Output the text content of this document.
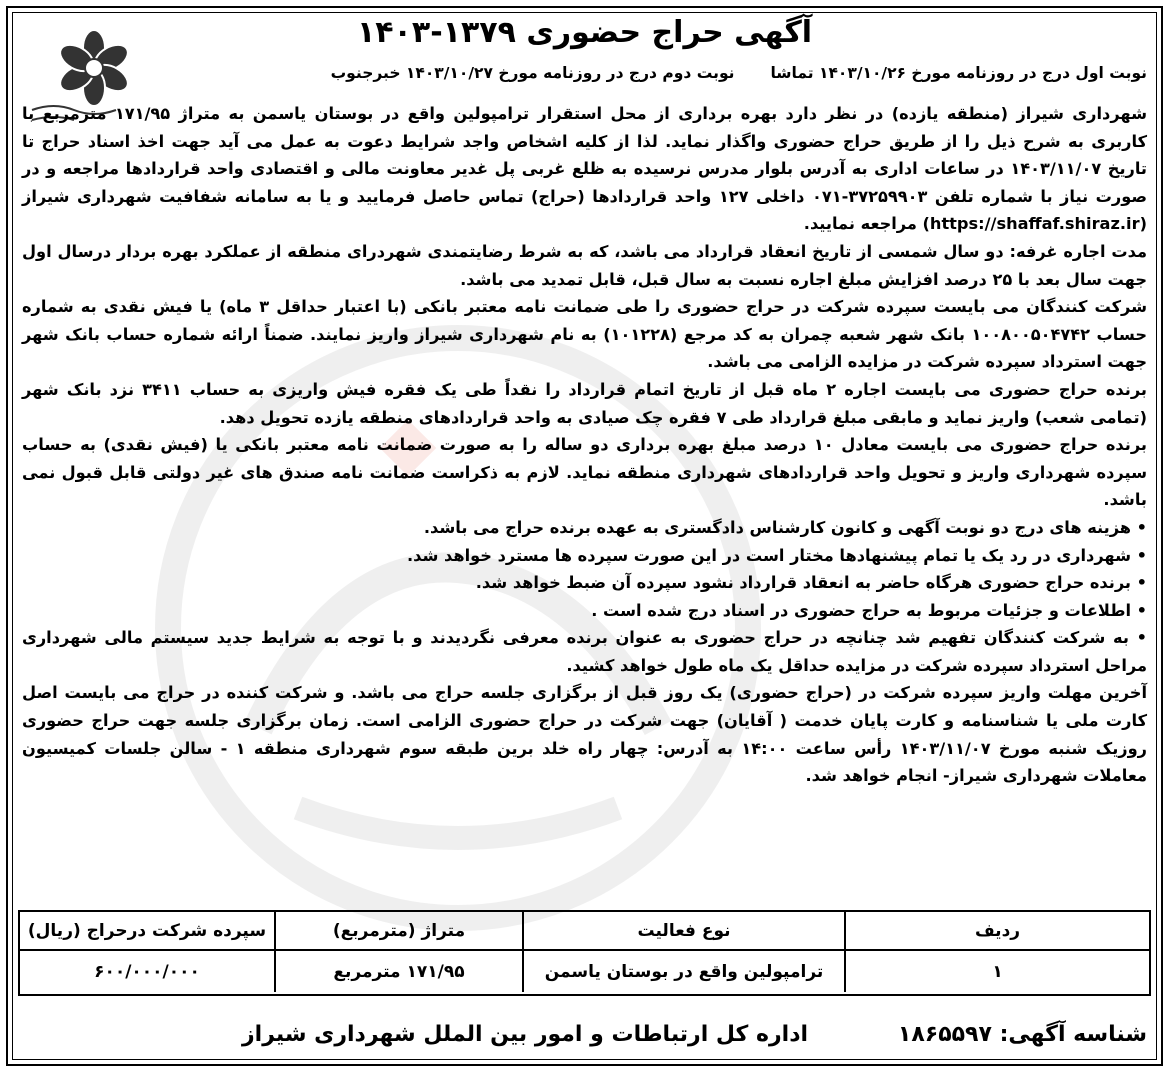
آگهی حراج حضوری ۱۳۷۹-۱۴۰۳
نوبت اول درج در روزنامه مورخ ۱۴۰۳/۱۰/۲۶ تماشا
نوبت دوم درج در روزنامه مورخ ۱۴۰۳/۱۰/۲۷ خبرجنوب

شهرداری شیراز (منطقه یازده) در نظر دارد بهره برداری از محل استقرار ترامپولین واقع در بوستان یاسمن به متراژ ۱۷۱/۹۵ مترمربع با کاربری به شرح ذیل را از طریق حراج حضوری واگذار نماید. لذا از کلیه اشخاص واجد شرایط دعوت به عمل می آید جهت اخذ اسناد حراج تا تاریخ ۱۴۰۳/۱۱/۰۷ در ساعات اداری به آدرس بلوار مدرس نرسیده به ظلع غربی پل غدیر معاونت مالی و اقتصادی واحد قراردادها مراجعه و در صورت نیاز با شماره تلفن ۳۷۲۵۹۹۰۳-۰۷۱ داخلی ۱۲۷ واحد قراردادها (حراج) تماس حاصل فرمایید و یا به سامانه شفافیت شهرداری شیراز (https://shaffaf.shiraz.ir) مراجعه نمایید.

مدت اجاره غرفه: دو سال شمسی از تاریخ انعقاد قرارداد می باشد، که به شرط رضایتمندی شهردرای منطقه از عملکرد بهره بردار درسال اول جهت سال بعد با ۲۵ درصد افزایش مبلغ اجاره نسبت به سال قبل، قابل تمدید می باشد.

شرکت کنندگان می بایست سپرده شرکت در حراج حضوری را طی ضمانت نامه معتبر بانکی (با اعتبار حداقل ۳ ماه) یا فیش نقدی به شماره حساب ۱۰۰۸۰۰۵۰۴۷۴۲ بانک شهر شعبه چمران به کد مرجع (۱۰۱۲۲۸) به نام شهرداری شیراز واریز نمایند. ضمناً ارائه شماره حساب بانک شهر جهت استرداد سپرده شرکت در مزایده الزامی می باشد.

برنده حراج حضوری می بایست اجاره ۲ ماه قبل از تاریخ اتمام قرارداد را نقداً طی یک فقره فیش واریزی به حساب ۳۴۱۱ نزد بانک شهر (تمامی شعب) واریز نماید و مابقی مبلغ قرارداد طی ۷ فقره چک صیادی به واحد قراردادهای منطقه یازده تحویل دهد.

برنده حراج حضوری می بایست معادل ۱۰ درصد مبلغ بهره برداری دو ساله را به صورت ضمانت نامه معتبر بانکی یا (فیش نقدی) به حساب سپرده شهرداری واریز و تحویل واحد قراردادهای شهرداری منطقه نماید. لازم به ذکراست ضمانت نامه صندق های غیر دولتی قابل قبول نمی باشد.

• هزینه های درج دو نوبت آگهی و کانون کارشناس دادگستری به عهده برنده حراج می باشد.

• شهرداری در رد یک یا تمام پیشنهادها مختار است در این صورت سپرده ها مسترد خواهد شد.

• برنده حراج حضوری هرگاه حاضر به انعقاد قرارداد نشود سپرده آن ضبط خواهد شد.

• اطلاعات و جزئیات مربوط به حراج حضوری در اسناد درج شده است .

• به شرکت کنندگان تفهیم شد چنانچه در حراج حضوری به عنوان برنده معرفی نگردیدند و با توجه به شرایط جدید سیستم مالی شهرداری مراحل استرداد سپرده شرکت در مزایده حداقل یک ماه طول خواهد کشید.

آخرین مهلت واریز سپرده شرکت در (حراج حضوری) یک روز قبل از برگزاری جلسه حراج می باشد. و شرکت کننده در حراج می بایست اصل کارت ملی یا شناسنامه و کارت پایان خدمت ( آقایان) جهت شرکت در حراج حضوری الزامی است. زمان برگزاری جلسه جهت حراج حضوری روزیک شنبه مورخ ۱۴۰۳/۱۱/۰۷ رأس ساعت ۱۴:۰۰ به آدرس: چهار راه خلد برین طبقه سوم شهرداری منطقه ۱ - سالن جلسات کمیسیون معاملات شهرداری شیراز- انجام خواهد شد.

سپرده شرکت درحراج (ریال)	متراژ (مترمربع)	نوع فعالیت	ردیف
۶۰۰/۰۰۰/۰۰۰	۱۷۱/۹۵ مترمربع	ترامپولین واقع در بوستان یاسمن	۱
شناسه آگهی: ۱۸۶۵۵۹۷
اداره کل ارتباطات و امور بین الملل شهرداری شیراز
